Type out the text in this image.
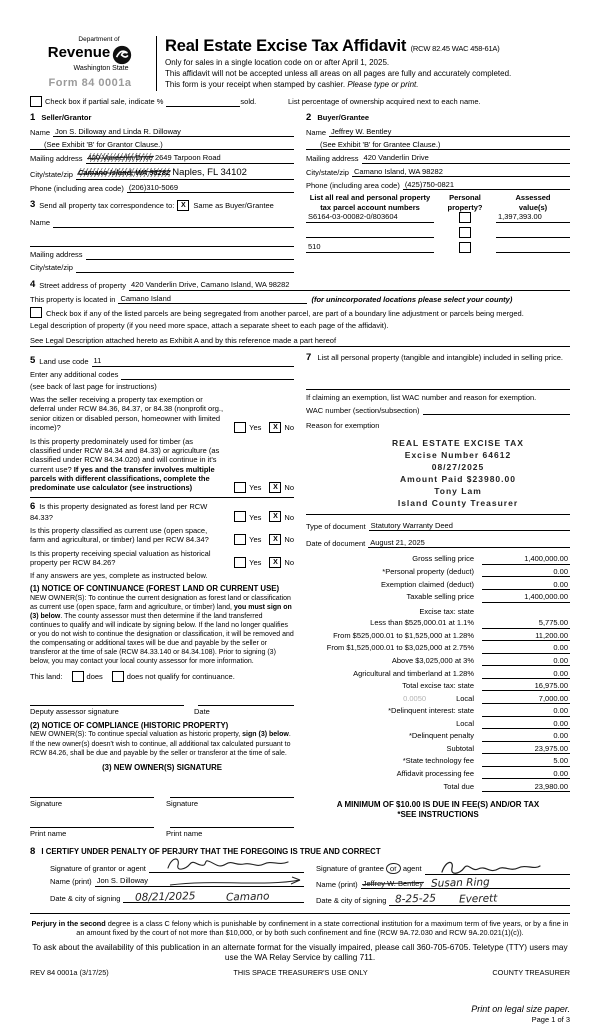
Department of
Revenue
Washington State
Form 84 0001a
Real Estate Excise Tax Affidavit (RCW 82.45 WAC 458-61A)
Only for sales in a single location code on or after April 1, 2025.
This affidavit will not be accepted unless all areas on all pages are fully and accurately completed.
This form is your receipt when stamped by cashier. Please type or print.
Check box if partial sale, indicate %	sold.	List percentage of ownership acquired next to each name.
1 Seller/Grantor
Name Jon S. Dilloway and Linda R. Dilloway
(See Exhibit 'B' for Grantor Clause.)
Mailing address 420 Vanderlin Drive 2649 Tarpoon Road
City/state/zip Camano Island, WA 98282 Naples, FL 34102
Phone (including area code) (206)310-5069
3 Send all property tax correspondence to: X	Same as Buyer/Grantee
Name
Mailing address
City/state/zip
2 Buyer/Grantee
Name Jeffrey W. Bentley
(See Exhibit 'B' for Grantee Clause.)
Mailing address 420 Vanderlin Drive
City/state/zip Camano Island, WA 98282
Phone (including area code) (425)750-0821
List all real and personal property
tax parcel account numbers
Personal
property?
Assessed
value(s)
S6164-03-00082-0/803604	1,397,393.00
510
4 Street address of property 420 Vanderlin Drive, Camano Island, WA 98282
This property is located in Camano Island	(for unincorporated locations please select your county)
Check box if any of the listed parcels are being segregated from another parcel, are part of a boundary line adjustment or parcels being merged.
Legal description of property (if you need more space, attach a separate sheet to each page of the affidavit).
See Legal Description attached hereto as Exhibit A and by this reference made a part hereof
5 Land use code 11
Enter any additional codes
(see back of last page for instructions)
Was the seller receiving a property tax exemption or deferral under RCW 84.36, 84.37, or 84.38 (nonprofit org., senior citizen or disabled person, homeowner with limited income)?	Yes	X No
Is this property predominately used for timber (as classified under RCW 84.34 and 84.33) or agriculture (as classified under RCW 84.34.020) and will continue in it's current use? If yes and the transfer involves multiple parcels with different classifications, complete the predominate use calculator (see instructions)	Yes	X No
6 Is this property designated as forest land per RCW 84.33?	Yes	X No
Is this property classified as current use (open space, farm and agricultural, or timber) land per RCW 84.34?	Yes	X No
Is this property receiving special valuation as historical property per RCW 84.26?	Yes	X No
If any answers are yes, complete as instructed below.
(1) NOTICE OF CONTINUANCE (FOREST LAND OR CURRENT USE)
NEW OWNER(S): To continue the current designation as forest land or classification as current use (open space, farm and agriculture, or timber) land, you must sign on (3) below. The county assessor must then determine if the land transferred continues to qualify and will indicate by signing below. If the land no longer qualifies or you do not wish to continue the designation or classification, it will be removed and the compensating or additional taxes will be due and payable by the seller or transferor at the time of sale (RCW 84.33.140 or 84.34.108). Prior to signing (3) below, you may contact your local county assessor for more information.
This land:	does	does not qualify for continuance.
Deputy assessor signature	Date
(2) NOTICE OF COMPLIANCE (HISTORIC PROPERTY)
NEW OWNER(S): To continue special valuation as historic property, sign (3) below. If the new owner(s) doesn't wish to continue, all additional tax calculated pursuant to RCW 84.26, shall be due and payable by the seller or transferor at the time of sale.
(3) NEW OWNER(S) SIGNATURE
Signature	Signature
Print name	Print name
7 List all personal property (tangible and intangible) included in selling price.
If claiming an exemption, list WAC number and reason for exemption.
WAC number (section/subsection)
Reason for exemption
REAL ESTATE EXCISE TAX
Excise Number 64612
08/27/2025
Amount Paid $23980.00
Tony Lam
Island County Treasurer
Type of document Statutory Warranty Deed
Date of document August 21, 2025
Gross selling price	1,400,000.00
*Personal property (deduct)	0.00
Exemption claimed (deduct)	0.00
Taxable selling price	1,400,000.00
Excise tax: state
Less than $525,000.01 at 1.1%	5,775.00
From $525,000.01 to $1,525,000 at 1.28%	11,200.00
From $1,525,000.01 to $3,025,000 at 2.75%	0.00
Above $3,025,000 at 3%	0.00
Agricultural and timberland at 1.28%	0.00
Total excise tax: state	16,975.00
0.0050	Local	7,000.00
*Delinquent interest: state	0.00
Local	0.00
*Delinquent penalty	0.00
Subtotal	23,975.00
*State technology fee	5.00
Affidavit processing fee	0.00
Total due	23,980.00
A MINIMUM OF $10.00 IS DUE IN FEE(S) AND/OR TAX
*SEE INSTRUCTIONS
8 I CERTIFY UNDER PENALTY OF PERJURY THAT THE FOREGOING IS TRUE AND CORRECT
Signature of grantor or agent
Name (print) Jon S. Dilloway
Date & city of signing	08/21/2025	Camano
Signature of grantee or agent
Name (print) Jeffrey W. Bentley Susan Ring
Date & city of signing 8-25-25 Everett
Perjury in the second degree is a class C felony which is punishable by confinement in a state correctional institution for a maximum term of five years, or by a fine in an amount fixed by the court of not more than $10,000, or by both such confinement and fine (RCW 9A.72.030 and RCW 9A.20.021(1)(c)).
To ask about the availability of this publication in an alternate format for the visually impaired, please call 360-705-6705. Teletype (TTY) users may use the WA Relay Service by calling 711.
REV 84 0001a (3/17/25)	THIS SPACE TREASURER'S USE ONLY	COUNTY TREASURER
Print on legal size paper.
Page 1 of 3
